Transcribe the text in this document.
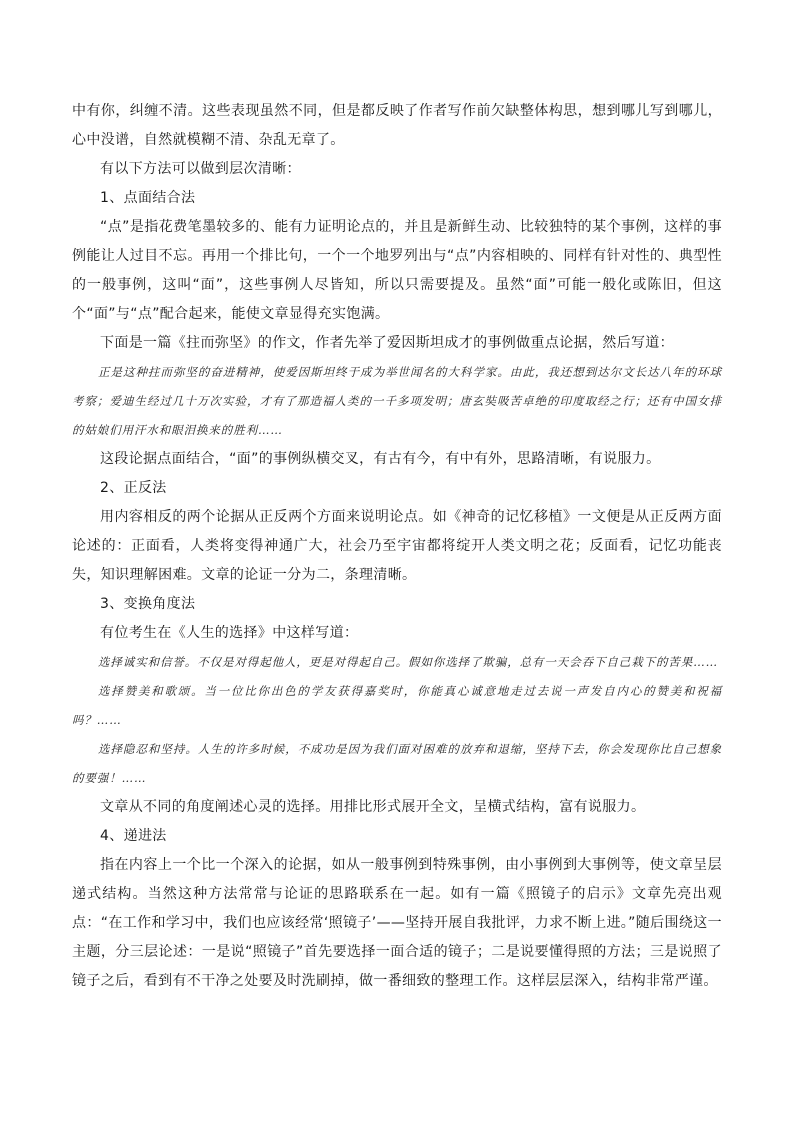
中有你，纠缠不清。这些表现虽然不同，但是都反映了作者写作前欠缺整体构思，想到哪儿写到哪儿，心中没谱，自然就模糊不清、杂乱无章了。

有以下方法可以做到层次清晰：

1、点面结合法

“点”是指花费笔墨较多的、能有力证明论点的，并且是新鲜生动、比较独特的某个事例，这样的事例能让人过目不忘。再用一个排比句，一个一个地罗列出与“点”内容相映的、同样有针对性的、典型性的一般事例，这叫“面”，这些事例人尽皆知，所以只需要提及。虽然“面”可能一般化或陈旧，但这个“面”与“点”配合起来，能使文章显得充实饱满。

下面是一篇《拄而弥坚》的作文，作者先举了爱因斯坦成才的事例做重点论据，然后写道：

正是这种拄而弥坚的奋进精神，使爱因斯坦终于成为举世闻名的大科学家。由此，我还想到达尔文长达八年的环球考察；爱迪生经过几十万次实验，才有了那造福人类的一千多项发明；唐玄奘吸苦卓绝的印度取经之行；还有中国女排的姑娘们用汗水和眼泪换来的胜利……

这段论据点面结合，“面”的事例纵横交叉，有古有今，有中有外，思路清晰，有说服力。

2、正反法

用内容相反的两个论据从正反两个方面来说明论点。如《神奇的记忆移植》一文便是从正反两方面论述的：正面看，人类将变得神通广大，社会乃至宇宙都将绽开人类文明之花；反面看，记忆功能丧失，知识理解困难。文章的论证一分为二，条理清晰。

3、变换角度法

有位考生在《人生的选择》中这样写道：

选择诚实和信誉。不仅是对得起他人，更是对得起自己。假如你选择了欺骗，总有一天会吞下自己栽下的苦果……

选择赞美和歌颂。当一位比你出色的学友获得嘉奖时，你能真心诚意地走过去说一声发自内心的赞美和祝福吗？……

选择隐忍和坚持。人生的许多时候，不成功是因为我们面对困难的放弃和退缩，坚持下去，你会发现你比自己想象的要强！……

文章从不同的角度阐述心灵的选择。用排比形式展开全文，呈横式结构，富有说服力。

4、递进法

指在内容上一个比一个深入的论据，如从一般事例到特殊事例，由小事例到大事例等，使文章呈层递式结构。当然这种方法常常与论证的思路联系在一起。如有一篇《照镜子的启示》文章先亮出观点：“在工作和学习中，我们也应该经常‘照镜子’——坚持开展自我批评，力求不断上进。”随后围绕这一主题，分三层论述：一是说“照镜子”首先要选择一面合适的镜子；二是说要懂得照的方法；三是说照了镜子之后，看到有不干净之处要及时洗刷掉，做一番细致的整理工作。这样层层深入，结构非常严谨。
